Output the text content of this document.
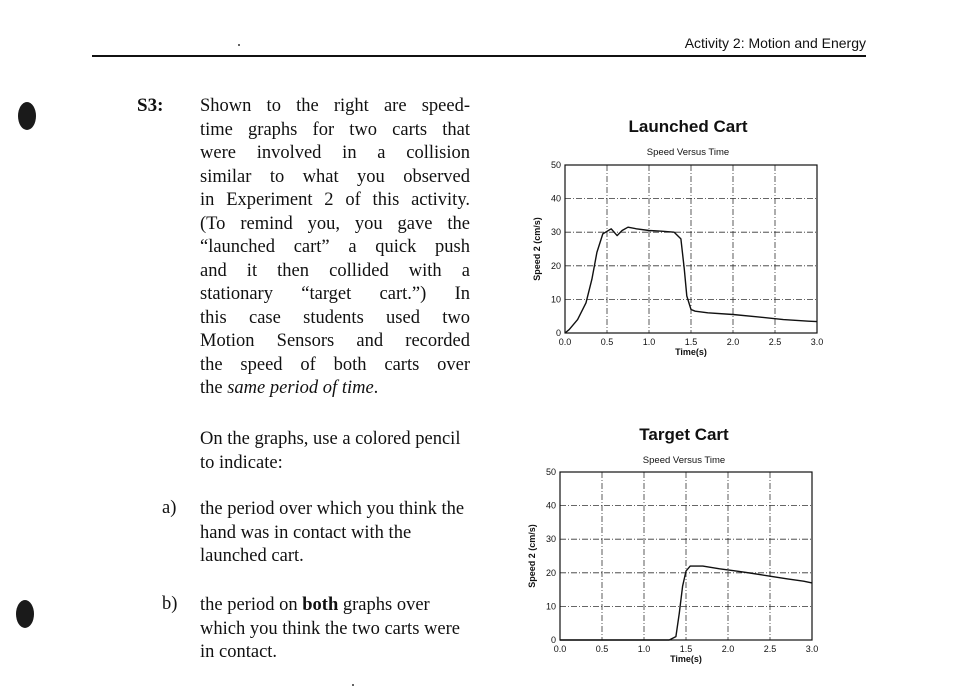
Activity 2: Motion and Energy
S3: Shown to the right are speed-
time graphs for two carts that
were involved in a collision
similar to what you observed
in Experiment 2 of this activity.
(To remind you, you gave the
“launched cart” a quick push
and it then collided with a
stationary “target cart.”) In
this case students used two
Motion Sensors and recorded
the speed of both carts over
the same period of time.
On the graphs, use a colored pencil to indicate:
a) the period over which you think the hand was in contact with the launched cart.
b) the period on both graphs over which you think the two carts were in contact.
Launched Cart
Speed Versus Time
0
10
20
30
40
50
0.0	0.5	1.0	1.5	2.0	2.5	3.0
Time(s)
Speed 2 (cm/s)
Target Cart
Speed Versus Time
0
10
20
30
40
50
0.0	0.5	1.0	1.5	2.0	2.5	3.0
Time(s)
Speed 2 (cm/s)
